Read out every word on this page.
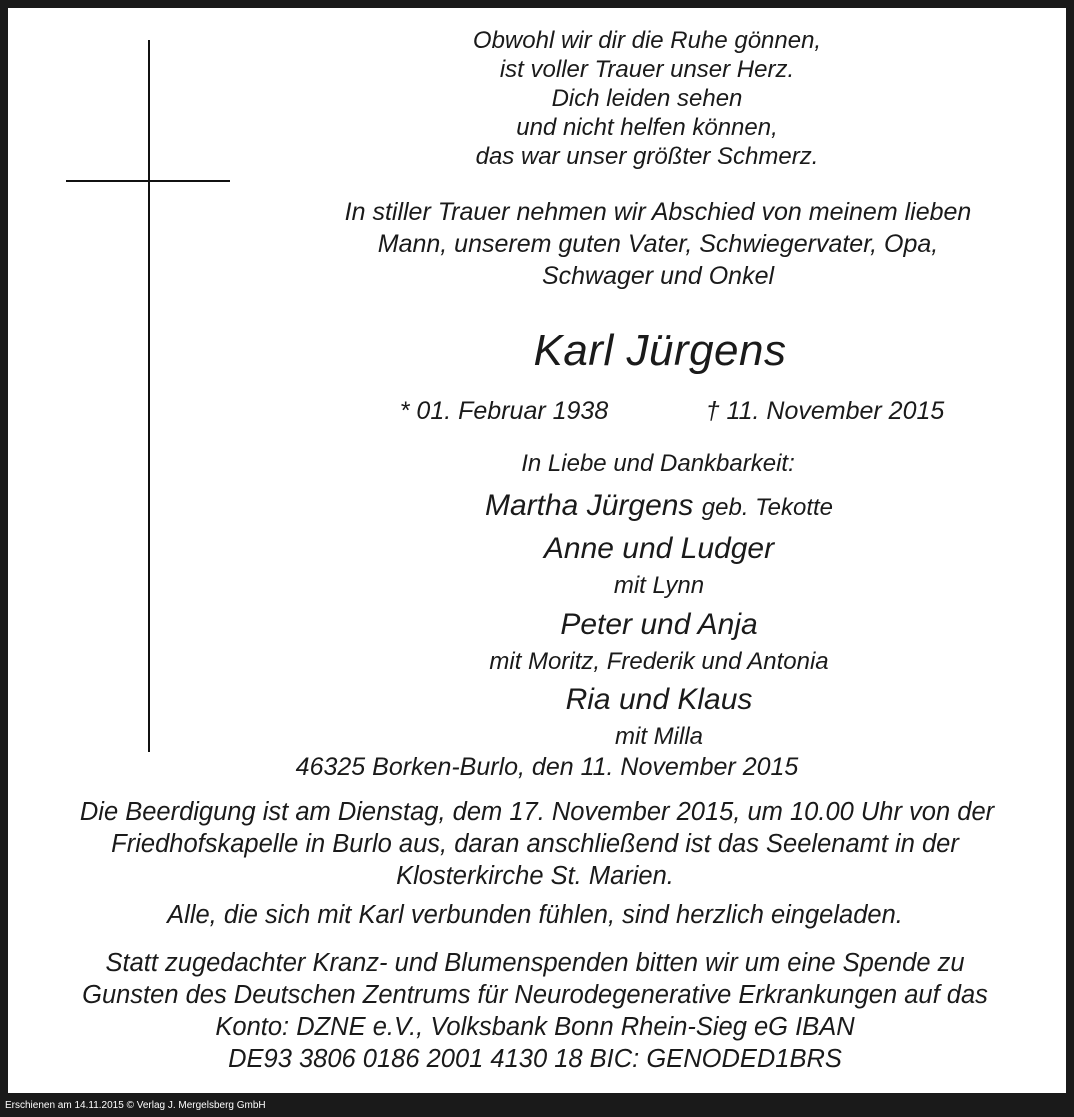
Obwohl wir dir die Ruhe gönnen,
ist voller Trauer unser Herz.
Dich leiden sehen
und nicht helfen können,
das war unser größter Schmerz.
In stiller Trauer nehmen wir Abschied von meinem lieben
Mann, unserem guten Vater, Schwiegervater, Opa,
Schwager und Onkel
Karl Jürgens
* 01. Februar 1938	† 11. November 2015
In Liebe und Dankbarkeit:
Martha Jürgens geb. Tekotte
Anne und Ludger
mit Lynn
Peter und Anja
mit Moritz, Frederik und Antonia
Ria und Klaus
mit Milla
46325 Borken-Burlo, den 11. November 2015
Die Beerdigung ist am Dienstag, dem 17. November 2015, um 10.00 Uhr von der
Friedhofskapelle in Burlo aus, daran anschließend ist das Seelenamt in der
Klosterkirche St. Marien.
Alle, die sich mit Karl verbunden fühlen, sind herzlich eingeladen.
Statt zugedachter Kranz- und Blumenspenden bitten wir um eine Spende zu
Gunsten des Deutschen Zentrums für Neurodegenerative Erkrankungen auf das
Konto: DZNE e.V., Volksbank Bonn Rhein-Sieg eG IBAN
DE93 3806 0186 2001 4130 18 BIC: GENODED1BRS
Erschienen am 14.11.2015 © Verlag J. Mergelsberg GmbH
